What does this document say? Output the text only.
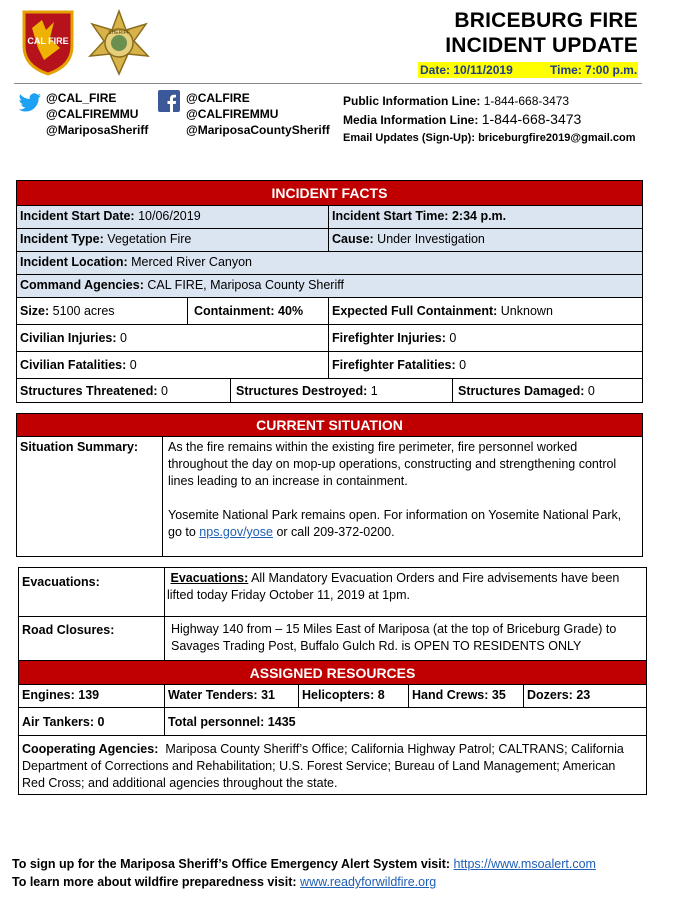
CAL FIRE
SHERIFF
BRICEBURG FIRE
INCIDENT UPDATE
Date: 10/11/2019	Time: 7:00 p.m.
@CAL_FIRE
@CALFIREMMU
@MariposaSheriff
@CALFIRE
@CALFIREMMU
@MariposaCountySheriff
Public Information Line: 1-844-668-3473
Media Information Line: 1-844-668-3473
Email Updates (Sign-Up): briceburgfire2019@gmail.com
INCIDENT FACTS
Incident Start Date: 10/06/2019	Incident Start Time: 2:34 p.m.
Incident Type: Vegetation Fire	Cause: Under Investigation
Incident Location: Merced River Canyon
Command Agencies: CAL FIRE, Mariposa County Sheriff
Size: 5100 acres	Containment: 40%	Expected Full Containment: Unknown
Civilian Injuries: 0	Firefighter Injuries: 0
Civilian Fatalities: 0	Firefighter Fatalities: 0
Structures Threatened: 0	Structures Destroyed: 1	Structures Damaged: 0
CURRENT SITUATION
Situation Summary:	As the fire remains within the existing fire perimeter, fire personnel worked throughout the day on mop-up operations, constructing and strengthening control lines leading to an increase in containment.
Yosemite National Park remains open. For information on Yosemite National Park, go to nps.gov/yose or call 209-372-0200.
Evacuations:	Evacuations: All Mandatory Evacuation Orders and Fire advisements have been lifted today Friday October 11, 2019 at 1pm.
Road Closures:	Highway 140 from – 15 Miles East of Mariposa (at the top of Briceburg Grade) to Savages Trading Post, Buffalo Gulch Rd. is OPEN TO RESIDENTS ONLY
ASSIGNED RESOURCES
Engines: 139	Water Tenders: 31	Helicopters: 8	Hand Crews: 35	Dozers: 23
Air Tankers: 0	Total personnel: 1435
Cooperating Agencies: Mariposa County Sheriff’s Office; California Highway Patrol; CALTRANS; California Department of Corrections and Rehabilitation; U.S. Forest Service; Bureau of Land Management; American Red Cross; and additional agencies throughout the state.
To sign up for the Mariposa Sheriff’s Office Emergency Alert System visit: https://www.msoalert.com
To learn more about wildfire preparedness visit: www.readyforwildfire.org
